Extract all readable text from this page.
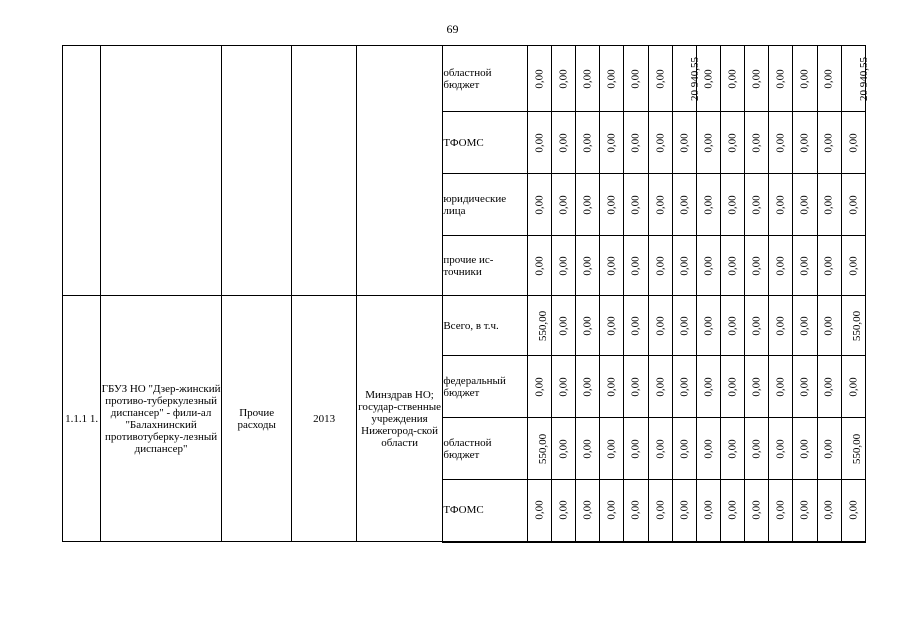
69
					областной бюджет	0,00	0,00	0,00	0,00	0,00	0,00	20 940,55	0,00	0,00	0,00	0,00	0,00	0,00	20 940,55
					ТФОМС	0,00	0,00	0,00	0,00	0,00	0,00	0,00	0,00	0,00	0,00	0,00	0,00	0,00	0,00
					юридические лица	0,00	0,00	0,00	0,00	0,00	0,00	0,00	0,00	0,00	0,00	0,00	0,00	0,00	0,00
					прочие ис-точники	0,00	0,00	0,00	0,00	0,00	0,00	0,00	0,00	0,00	0,00	0,00	0,00	0,00	0,00
1.1.1 1.	ГБУЗ НО "Дзер-жинский противо-туберкулезный диспансер" - фили-ал "Балахнинский противотуберку-лезный диспансер"	Прочие расходы	2013	Минздрав НО; государ-ственные учреждения Нижегород-ской области	Всего, в т.ч.	550,00	0,00	0,00	0,00	0,00	0,00	0,00	0,00	0,00	0,00	0,00	0,00	0,00	550,00
					федеральный бюджет	0,00	0,00	0,00	0,00	0,00	0,00	0,00	0,00	0,00	0,00	0,00	0,00	0,00	0,00
					областной бюджет	550,00	0,00	0,00	0,00	0,00	0,00	0,00	0,00	0,00	0,00	0,00	0,00	0,00	550,00
					ТФОМС	0,00	0,00	0,00	0,00	0,00	0,00	0,00	0,00	0,00	0,00	0,00	0,00	0,00	0,00
